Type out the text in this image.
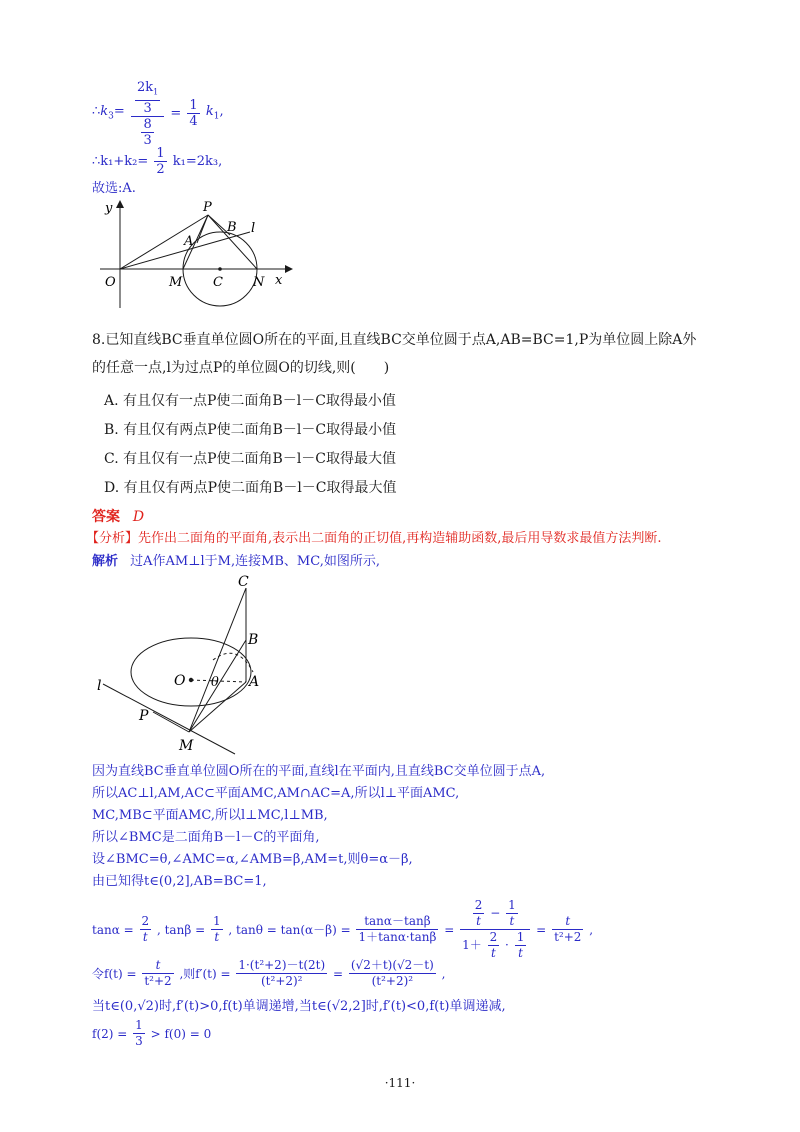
$\therefore k_3= \frac{\frac{2k_1}{3}}{\frac{8}{3}} = \frac{1}{4} k_1$,
∴k₁+k₂= $\frac{1}{2} k_1=2k_3$,
故选:A.
y	P
B l
A
O	M C N x
8.已知直线BC垂直单位圆O所在的平面,且直线BC交单位圆于点A,AB=BC=1,P为单位圆上除A外
的任意一点,l为过点P的单位圆O的切线,则(　　)
A. 有且仅有一点P使二面角B－l－C取得最小值
B. 有且仅有两点P使二面角B－l－C取得最小值
C. 有且仅有一点P使二面角B－l－C取得最大值
D. 有且仅有两点P使二面角B－l－C取得最大值
答案 D
【分析】先作出二面角的平面角,表示出二面角的正切值,再构造辅助函数,最后用导数求最值方法判断.
解析 过A作AM⊥l于M,连接MB、MC,如图所示,
C
B
l	O θ A
P
M
因为直线BC垂直单位圆O所在的平面,直线l在平面内,且直线BC交单位圆于点A,
所以AC⊥l,AM,AC⊂平面AMC,AM∩AC=A,所以l⊥平面AMC,
MC,MB⊂平面AMC,所以l⊥MC,l⊥MB,
所以∠BMC是二面角B－l－C的平面角,
设∠BMC=θ,∠AMC=α,∠AMB=β,AM=t,则θ=α－β,
由已知得t∈(0,2],AB=BC=1,
$\tan\alpha = \frac{2}{t}$ , $\tan\beta = \frac{1}{t}$ , $\tan\theta = \tan(\alpha-\beta) = \frac{\tan\alpha-\tan\beta}{1+\tan\alpha\cdot\tan\beta} = \frac{\frac{2}{t} - \frac{1}{t}}{1+ \frac{2}{t} \cdot \frac{1}{t}} = \frac{t}{\text{t²+2}}$ ,
令$f(t) = \frac{t}{\text{t²+2}}$ ,则$f'(t) = \frac{\text{1·(t²+2)－t(2t)}}{\text{(t²+2)²}} = \frac{(√2+t)(√2-t)}{\text{(t²+2)²}}$ ,
当t∈(0,√2)时,f′(t)>0,f(t)单调递增,当t∈(√2,2]时,f′(t)<0,f(t)单调递减,
$f(2) = \frac{1}{3} > f(0) = 0$
·111·
